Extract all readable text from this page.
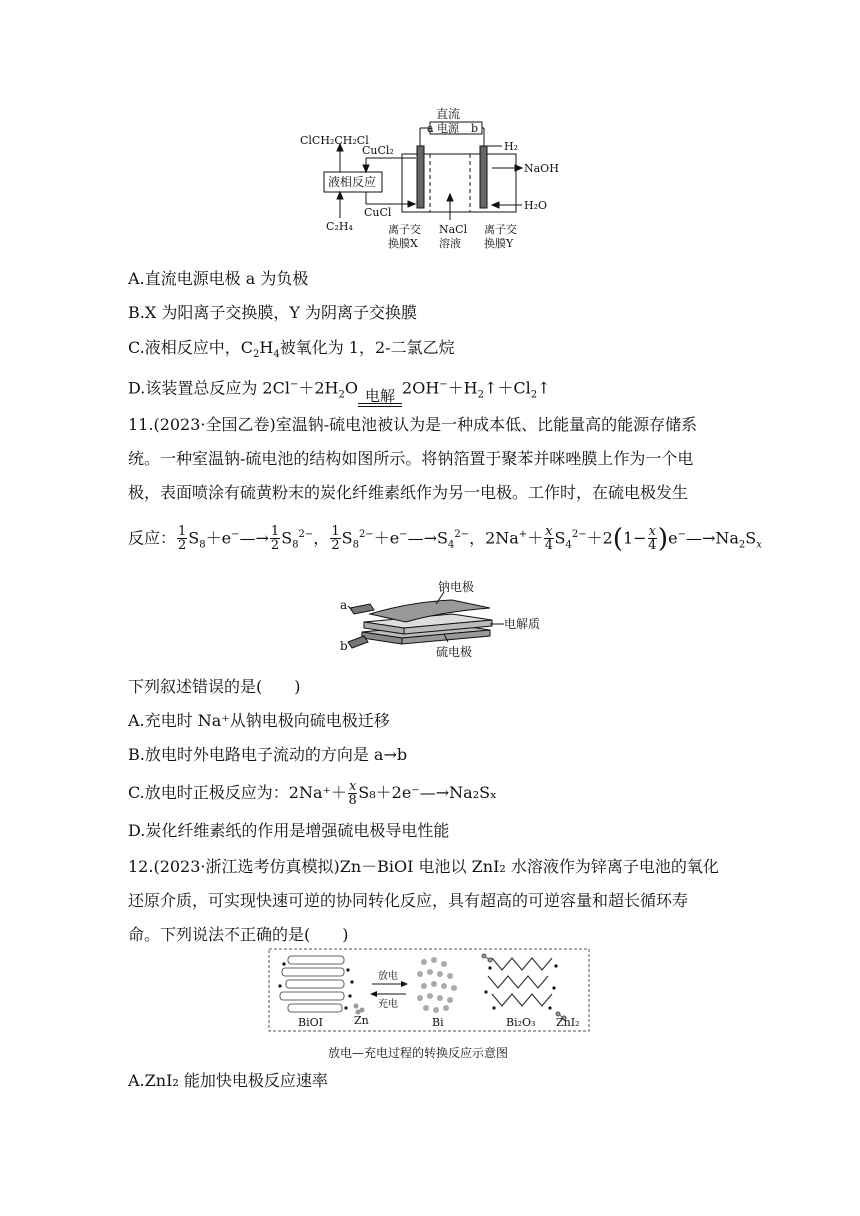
ClCH₂CH₂Cl
CuCl₂
液相反应
CuCl
C₂H₄
直流
电源
a	b
H₂
NaOH
H₂O
离子交
换膜X
NaCl
溶液
离子交
换膜Y
A.直流电源电极 a 为负极
B.X 为阳离子交换膜，Y 为阴离子交换膜
C.液相反应中，$C_2H_4$被氧化为 1，2-二氯乙烷
D.该装置总反应为 $2Cl^-+2H_2O$ 电解 $2OH^-+H_2↑+Cl_2↑$
11.(2023·全国乙卷)室温钠-硫电池被认为是一种成本低、比能量高的能源存储系
统。一种室温钠-硫电池的结构如图所示。将钠箔置于聚苯并咪唑膜上作为一个电
极，表面喷涂有硫黄粉末的炭化纤维素纸作为另一电极。工作时，在硫电极发生
反应： $\frac{1}{2}$ $S_8+e^-—\to \frac{1}{2} S_8^{2-}$， $\frac{1}{2}$ $S_8^{2-}+e^-—\to S_4^{2-}$，$2Na^++ \frac{x}{4} S_4^{2-}+2(1- \frac{x}{4}$ )$e^-—\to Na_2S_x$
钠电极
电解质
硫电极
a
b
下列叙述错误的是(　　)
A.充电时 Na⁺从钠电极向硫电极迁移
B.放电时外电路电子流动的方向是 a→b
C.放电时正极反应为：$2Na^++ \frac{x}{8}$ S₈＋2e⁻—→Na₂Sₓ
D.炭化纤维素纸的作用是增强硫电极导电性能
12.(2023·浙江选考仿真模拟)Zn－BiOI 电池以 ZnI₂ 水溶液作为锌离子电池的氧化
还原介质，可实现快速可逆的协同转化反应，具有超高的可逆容量和超长循环寿
命。下列说法不正确的是(　　)
BiOI	Zn
放电
充电
Bi	Bi₂O₃ ZnI₂
放电—充电过程的转换反应示意图
A.ZnI₂ 能加快电极反应速率
